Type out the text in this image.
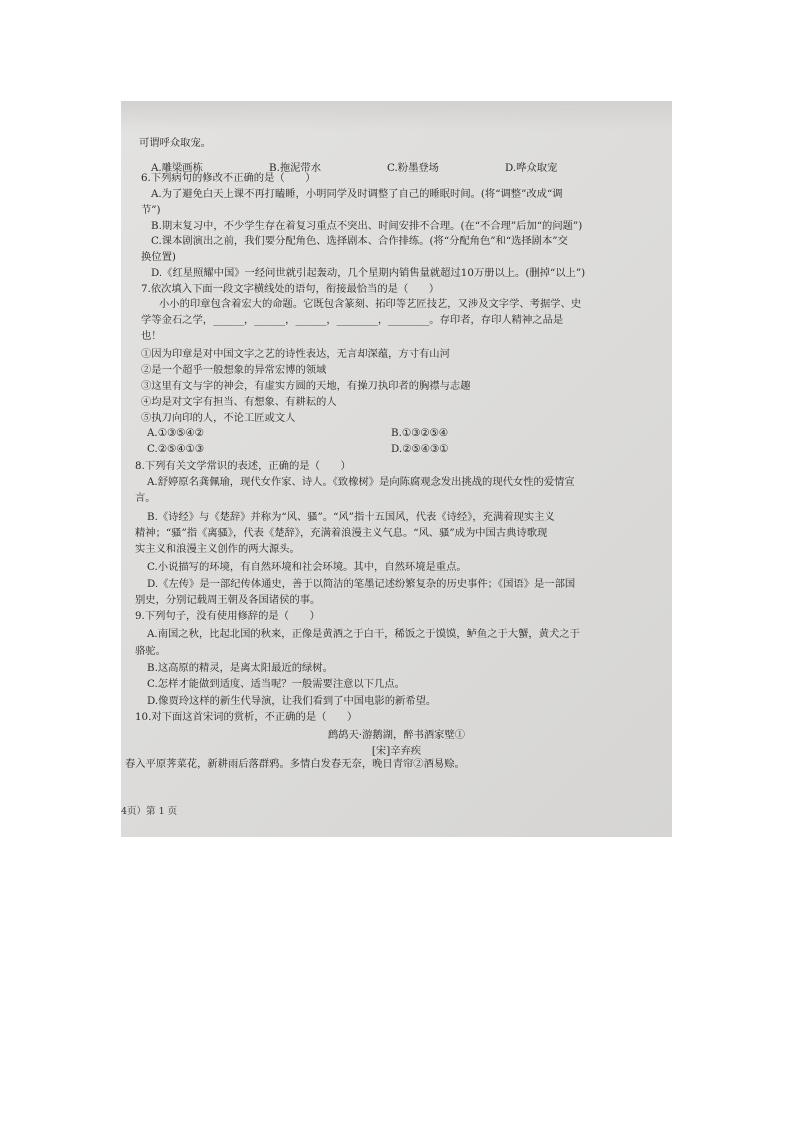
可谓呼众取宠。
A.雕梁画栋	B.拖泥带水	C.粉墨登场	D.哗众取宠
6.下列病句的修改不正确的是（　　）
A.为了避免白天上课不再打瞌睡，小明同学及时调整了自己的睡眠时间。(将“调整”改成“调
节”)
B.期末复习中，不少学生存在着复习重点不突出、时间安排不合理。(在“不合理”后加“的问题”)
C.课本剧演出之前，我们要分配角色、选择剧本、合作排练。(将“分配角色”和“选择剧本”交
换位置)
D.《红星照耀中国》一经问世就引起轰动，几个星期内销售量就超过10万册以上。(删掉“以上”)
7.依次填入下面一段文字横线处的语句，衔接最恰当的是（　　）
小小的印章包含着宏大的命题。它既包含篆刻、拓印等艺匠技艺，又涉及文字学、考据学、史
学等金石之学，______，______，______，________，________。存印者，存印人精神之品是
也！
①因为印章是对中国文字之艺的诗性表达，无言却深蕴，方寸有山河
②是一个超乎一般想象的异常宏博的领域
③这里有文与字的神会，有虚实方圆的天地，有操刀执印者的胸襟与志趣
④均是对文字有担当、有想象、有耕耘的人
⑤执刀向印的人，不论工匠或文人
A.①③⑤④②	B.①③②⑤④
C.②⑤④①③	D.②⑤④③①
8.下列有关文学常识的表述，正确的是（　　）
A.舒婷原名龚佩瑜，现代女作家、诗人。《致橡树》是向陈腐观念发出挑战的现代女性的爱情宣
言。
B.《诗经》与《楚辞》并称为“风、骚”。“风”指十五国风，代表《诗经》，充满着现实主义
精神；“骚”指《离骚》，代表《楚辞》，充满着浪漫主义气息。“风、骚”成为中国古典诗歌现
实主义和浪漫主义创作的两大源头。
C.小说描写的环境，有自然环境和社会环境。其中，自然环境是重点。
D.《左传》是一部纪传体通史，善于以简洁的笔墨记述纷繁复杂的历史事件；《国语》是一部国
别史，分别记载周王朝及各国诸侯的事。
9.下列句子，没有使用修辞的是（　　）
A.南国之秋，比起北国的秋来，正像是黄酒之于白干，稀饭之于馍馍，鲈鱼之于大蟹，黄犬之于
骆驼。
B.这高原的精灵，是离太阳最近的绿树。
C.怎样才能做到适度、适当呢？一般需要注意以下几点。
D.像贾玲这样的新生代导演，让我们看到了中国电影的新希望。
10.对下面这首宋词的赏析，不正确的是（　　）
鹧鸪天·游鹅湖，醉书酒家壁①
[宋]辛弃疾
春入平原荠菜花，新耕雨后落群鸦。多情白发春无奈，晚日青帘②酒易赊。
4页）第 1 页
